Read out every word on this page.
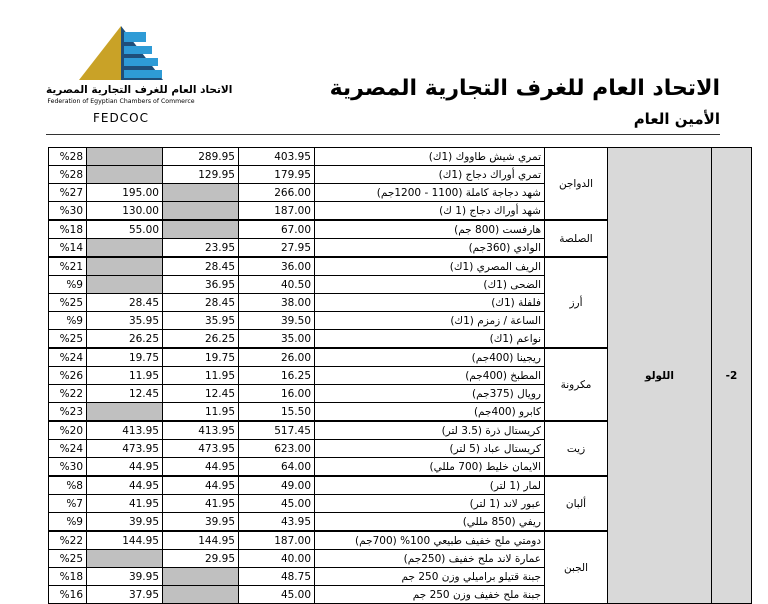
الاتحاد العام للغرف التجارية المصرية
Federation of Egyptian Chambers of Commerce
FEDCOC
الاتحاد العام للغرف التجارية المصرية
الأمين العام
%28		289.95	403.95	تمري شيش طاووك (1ك)	الدواجن	اللولو	-2
%28		129.95	179.95	تمري أوراك دجاج (1ك)			
%27	195.00		266.00	شهد دجاجة كاملة (1100 - 1200جم)			
%30	130.00		187.00	شهد أوراك دجاج (1 ك)			
%18	55.00		67.00	هارفست (800 جم)	الصلصة		
%14		23.95	27.95	الوادي (360جم)			
%21		28.45	36.00	الريف المصري (1ك)	أرز		
%9		36.95	40.50	الضحى (1ك)			
%25	28.45	28.45	38.00	فلفلة (1ك)			
%9	35.95	35.95	39.50	الساعة / زمزم (1ك)			
%25	26.25	26.25	35.00	نواعم (1ك)			
%24	19.75	19.75	26.00	ريجينا (400جم)	مكرونة		
%26	11.95	11.95	16.25	المطبخ (400جم)			
%22	12.45	12.45	16.00	رويال (375جم)			
%23		11.95	15.50	كابرو (400جم)			
%20	413.95	413.95	517.45	كريستال ذرة (3.5 لتر)	زيت		
%24	473.95	473.95	623.00	كريستال عباد (5 لتر)			
%30	44.95	44.95	64.00	الايمان خليط (700 مللي)			
%8	44.95	44.95	49.00	لمار (1 لتر)	ألبان		
%7	41.95	41.95	45.00	عبور لاند (1 لتر)			
%9	39.95	39.95	43.95	ريفي (850 مللي)			
%22	144.95	144.95	187.00	دومتي ملح خفيف طبيعي 100% (700جم)	الجبن		
%25		29.95	40.00	عمارة لاند ملح خفيف (250جم)			
%18	39.95		48.75	جبنة قتيلو براميلي وزن 250 جم			
%16	37.95		45.00	جبنة ملح خفيف وزن 250 جم			
